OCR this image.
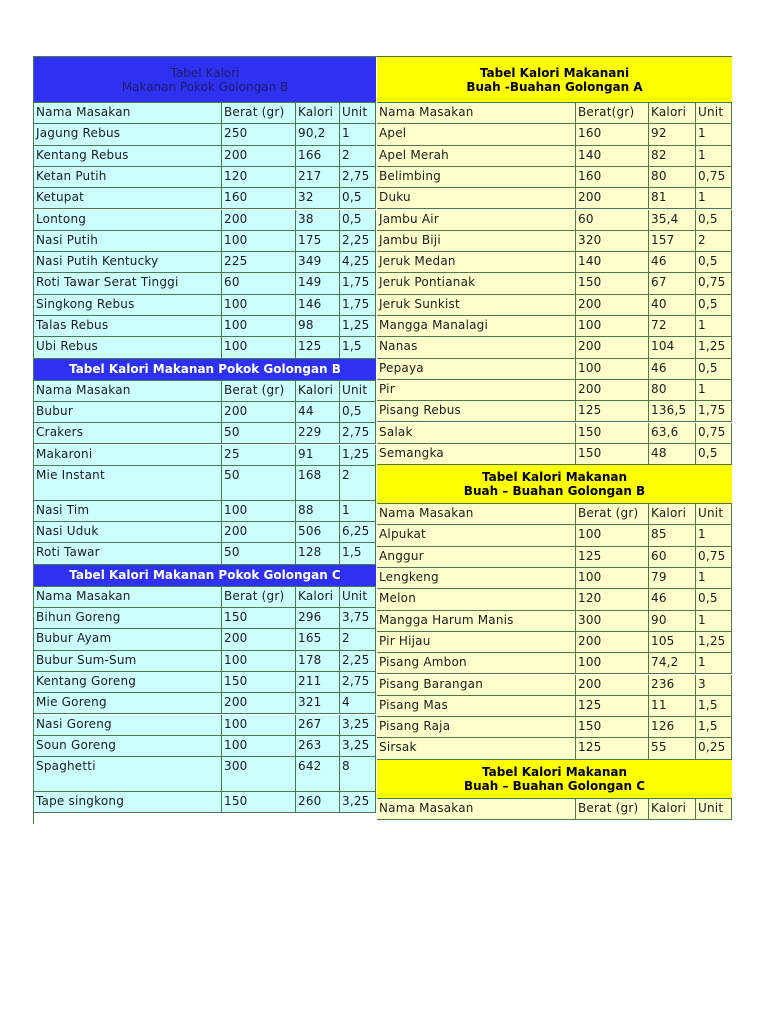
Tabel Kalori
Makanan Pokok Golongan B
Nama Masakan	Berat (gr)	Kalori Unit
Jagung Rebus	250	90,2	1
Kentang Rebus	200	166	2
Ketan Putih	120	217	2,75
Ketupat	160	32	0,5
Lontong	200	38	0,5
Nasi Putih	100	175	2,25
Nasi Putih Kentucky	225	349	4,25
Roti Tawar Serat Tinggi	60	149	1,75
Singkong Rebus	100	146	1,75
Talas Rebus	100	98	1,25
Ubi Rebus	100	125	1,5
Tabel Kalori Makanan Pokok Golongan B
Nama Masakan	Berat (gr)	Kalori Unit
Bubur	200	44	0,5
Crakers	50	229	2,75
Makaroni	25	91	1,25
Mie Instant	50	168	2
Nasi Tim	100	88	1
Nasi Uduk	200	506	6,25
Roti Tawar	50	128	1,5
Tabel Kalori Makanan Pokok Golongan C
Nama Masakan	Berat (gr)	Kalori Unit
Bihun Goreng	150	296	3,75
Bubur Ayam	200	165	2
Bubur Sum-Sum	100	178	2,25
Kentang Goreng	150	211	2,75
Mie Goreng	200	321	4
Nasi Goreng	100	267	3,25
Soun Goreng	100	263	3,25
Spaghetti	300	642	8
Tape singkong	150	260	3,25
Tabel Kalori Makanani
Buah -Buahan Golongan A
Nama Masakan	Berat(gr)	Kalori Unit
Apel	160	92	1
Apel Merah	140	82	1
Belimbing	160	80	0,75
Duku	200	81	1
Jambu Air	60	35,4	0,5
Jambu Biji	320	157	2
Jeruk Medan	140	46	0,5
Jeruk Pontianak	150	67	0,75
Jeruk Sunkist	200	40	0,5
Mangga Manalagi	100	72	1
Nanas	200	104	1,25
Pepaya	100	46	0,5
Pir	200	80	1
Pisang Rebus	125	136,5 1,75
Salak	150	63,6	0,75
Semangka	150	48	0,5
Tabel Kalori Makanan
Buah – Buahan Golongan B
Nama Masakan	Berat (gr)	Kalori Unit
Alpukat	100	85	1
Anggur	125	60	0,75
Lengkeng	100	79	1
Melon	120	46	0,5
Mangga Harum Manis	300	90	1
Pir Hijau	200	105	1,25
Pisang Ambon	100	74,2	1
Pisang Barangan	200	236	3
Pisang Mas	125	11	1,5
Pisang Raja	150	126	1,5
Sirsak	125	55	0,25
Tabel Kalori Makanan
Buah – Buahan Golongan C
Nama Masakan	Berat (gr)	Kalori Unit
